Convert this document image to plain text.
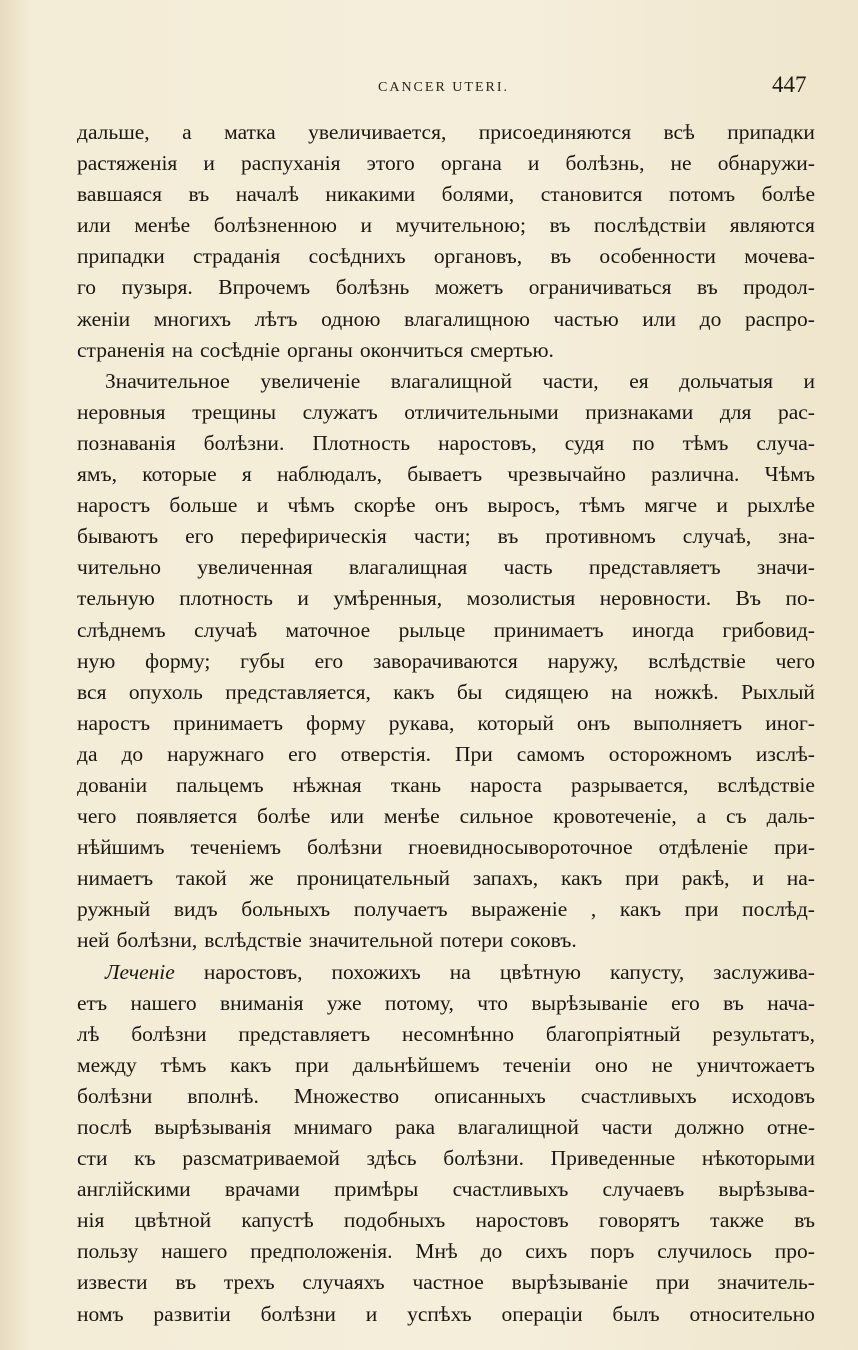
CANCER UTERI.	447
дальше, а матка увеличивается, присоединяются всѣ припадки
растяженія и распуханія этого органа и болѣзнь, не обнаружи-
вавшаяся въ началѣ никакими болями, становится потомъ болѣе
или менѣе болѣзненною и мучительною; въ послѣдствіи являются
припадки страданія сосѣднихъ органовъ, въ особенности мочева-
го пузыря. Впрочемъ болѣзнь можетъ ограничиваться въ продол-
женіи многихъ лѣтъ одною влагалищною частью или до распро-
страненія на сосѣдніе органы окончиться смертью.
Значительное увеличеніе влагалищной части, ея дольчатыя и
неровныя трещины служатъ отличительными признаками для рас-
познаванія болѣзни. Плотность наростовъ, судя по тѣмъ случа-
ямъ, которые я наблюдалъ, бываетъ чрезвычайно различна. Чѣмъ
наростъ больше и чѣмъ скорѣе онъ выросъ, тѣмъ мягче и рыхлѣе
бываютъ его перефирическія части; въ противномъ случаѣ, зна-
чительно увеличенная влагалищная часть представляетъ значи-
тельную плотность и умѣренныя, мозолистыя неровности. Въ по-
слѣднемъ случаѣ маточное рыльце принимаетъ иногда грибовид-
ную форму; губы его заворачиваются наружу, вслѣдствіе чего
вся опухоль представляется, какъ бы сидящею на ножкѣ. Рыхлый
наростъ принимаетъ форму рукава, который онъ выполняетъ иног-
да до наружнаго его отверстія. При самомъ осторожномъ изслѣ-
дованіи пальцемъ нѣжная ткань нароста разрывается, вслѣдствіе
чего появляется болѣе или менѣе сильное кровотеченіе, а съ даль-
нѣйшимъ теченіемъ болѣзни гноевидносывороточное отдѣленіе при-
нимаетъ такой же проницательный запахъ, какъ при ракѣ, и на-
ружный видъ больныхъ получаетъ выраженіе , какъ при послѣд-
ней болѣзни, вслѣдствіе значительной потери соковъ.
Леченіе наростовъ, похожихъ на цвѣтную капусту, заслужива-
етъ нашего вниманія уже потому, что вырѣзываніе его въ нача-
лѣ болѣзни представляетъ несомнѣнно благопріятный результатъ,
между тѣмъ какъ при дальнѣйшемъ теченіи оно не уничтожаетъ
болѣзни вполнѣ. Множество описанныхъ счастливыхъ исходовъ
послѣ вырѣзыванія мнимаго рака влагалищной части должно отне-
сти къ разсматриваемой здѣсь болѣзни. Приведенные нѣкоторыми
англійскими врачами примѣры счастливыхъ случаевъ вырѣзыва-
нія цвѣтной капустѣ подобныхъ наростовъ говорятъ также въ
пользу нашего предположенія. Мнѣ до сихъ поръ случилось про-
извести въ трехъ случаяхъ частное вырѣзываніе при значитель-
номъ развитіи болѣзни и успѣхъ операціи былъ относительно
